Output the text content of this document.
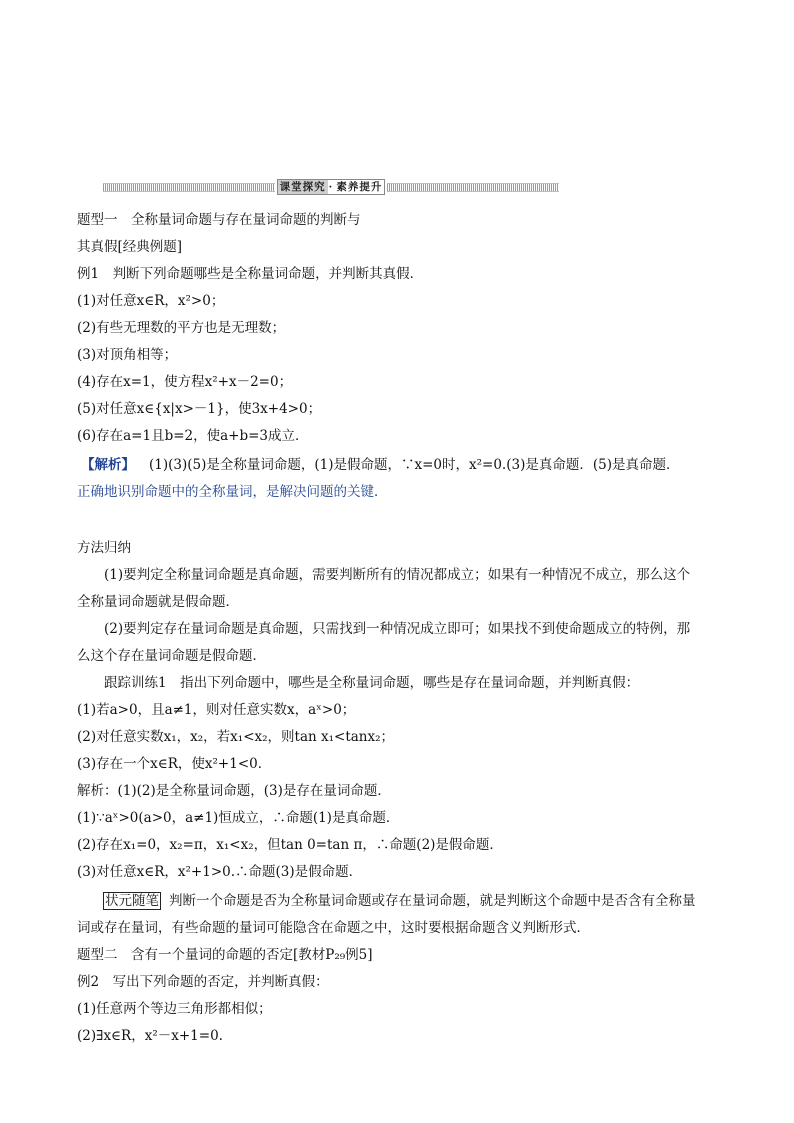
课堂探究 · 素养提升
题型一　全称量词命题与存在量词命题的判断与
其真假[经典例题]
例1　判断下列命题哪些是全称量词命题，并判断其真假．
(1)对任意x∈R，x²>0；
(2)有些无理数的平方也是无理数；
(3)对顶角相等；
(4)存在x=1，使方程x²+x－2=0；
(5)对任意x∈{x|x>－1}，使3x+4>0；
(6)存在a=1且b=2，使a+b=3成立．
【解析】 (1)(3)(5)是全称量词命题，(1)是假命题，∵x=0时，x²=0.(3)是真命题．(5)是真命题．
正确地识别命题中的全称量词，是解决问题的关键．
方法归纳
(1)要判定全称量词命题是真命题，需要判断所有的情况都成立；如果有一种情况不成立，那么这个
全称量词命题就是假命题．
(2)要判定存在量词命题是真命题，只需找到一种情况成立即可；如果找不到使命题成立的特例，那
么这个存在量词命题是假命题．
跟踪训练1　指出下列命题中，哪些是全称量词命题，哪些是存在量词命题，并判断真假：
(1)若a>0，且a≠1，则对任意实数x，aˣ>0；
(2)对任意实数x₁，x₂，若x₁<x₂，则tan x₁<tanx₂；
(3)存在一个x∈R，使x²+1<0．
解析：(1)(2)是全称量词命题，(3)是存在量词命题．
(1)∵aˣ>0(a>0，a≠1)恒成立，∴命题(1)是真命题．
(2)存在x₁=0，x₂=π，x₁<x₂，但tan 0=tan π，∴命题(2)是假命题．
(3)对任意x∈R，x²+1>0.∴命题(3)是假命题．
状元随笔 判断一个命题是否为全称量词命题或存在量词命题，就是判断这个命题中是否含有全称量
词或存在量词，有些命题的量词可能隐含在命题之中，这时要根据命题含义判断形式．
题型二　含有一个量词的命题的否定[教材P₂₉例5]
例2　写出下列命题的否定，并判断真假：
(1)任意两个等边三角形都相似；
(2)∃x∈R，x²－x+1=0.
